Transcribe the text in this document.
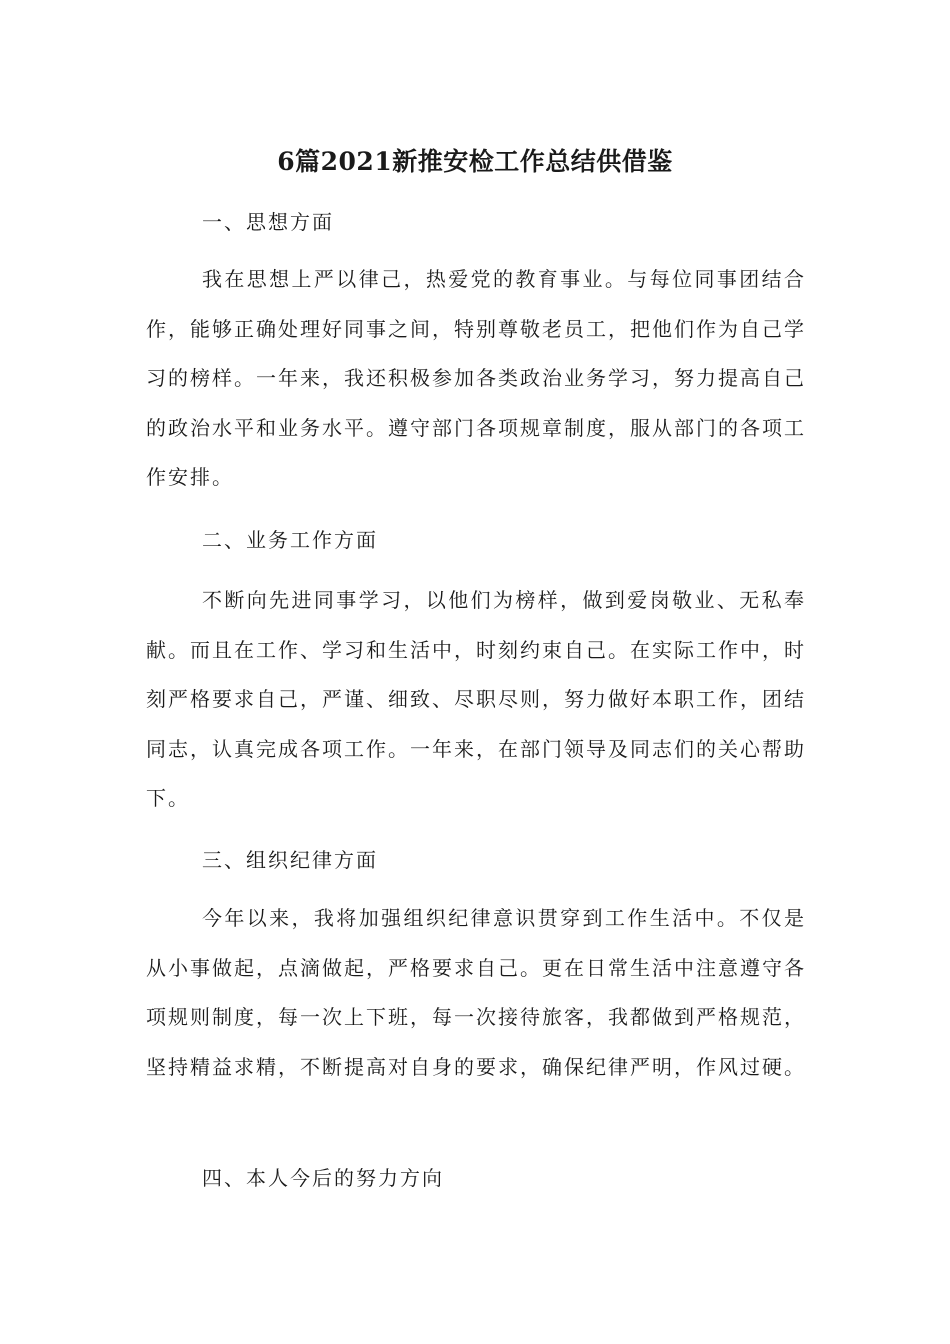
6篇2021新推安检工作总结供借鉴
一、思想方面
我在思想上严以律己，热爱党的教育事业。与每位同事团结合作，能够正确处理好同事之间，特别尊敬老员工，把他们作为自己学习的榜样。一年来，我还积极参加各类政治业务学习，努力提高自己的政治水平和业务水平。遵守部门各项规章制度，服从部门的各项工作安排。
二、业务工作方面
不断向先进同事学习，以他们为榜样，做到爱岗敬业、无私奉献。而且在工作、学习和生活中，时刻约束自己。在实际工作中，时刻严格要求自己，严谨、细致、尽职尽则，努力做好本职工作，团结同志，认真完成各项工作。一年来，在部门领导及同志们的关心帮助下。
三、组织纪律方面
今年以来，我将加强组织纪律意识贯穿到工作生活中。不仅是从小事做起，点滴做起，严格要求自己。更在日常生活中注意遵守各项规则制度，每一次上下班，每一次接待旅客，我都做到严格规范，坚持精益求精，不断提高对自身的要求，确保纪律严明，作风过硬。
四、本人今后的努力方向
